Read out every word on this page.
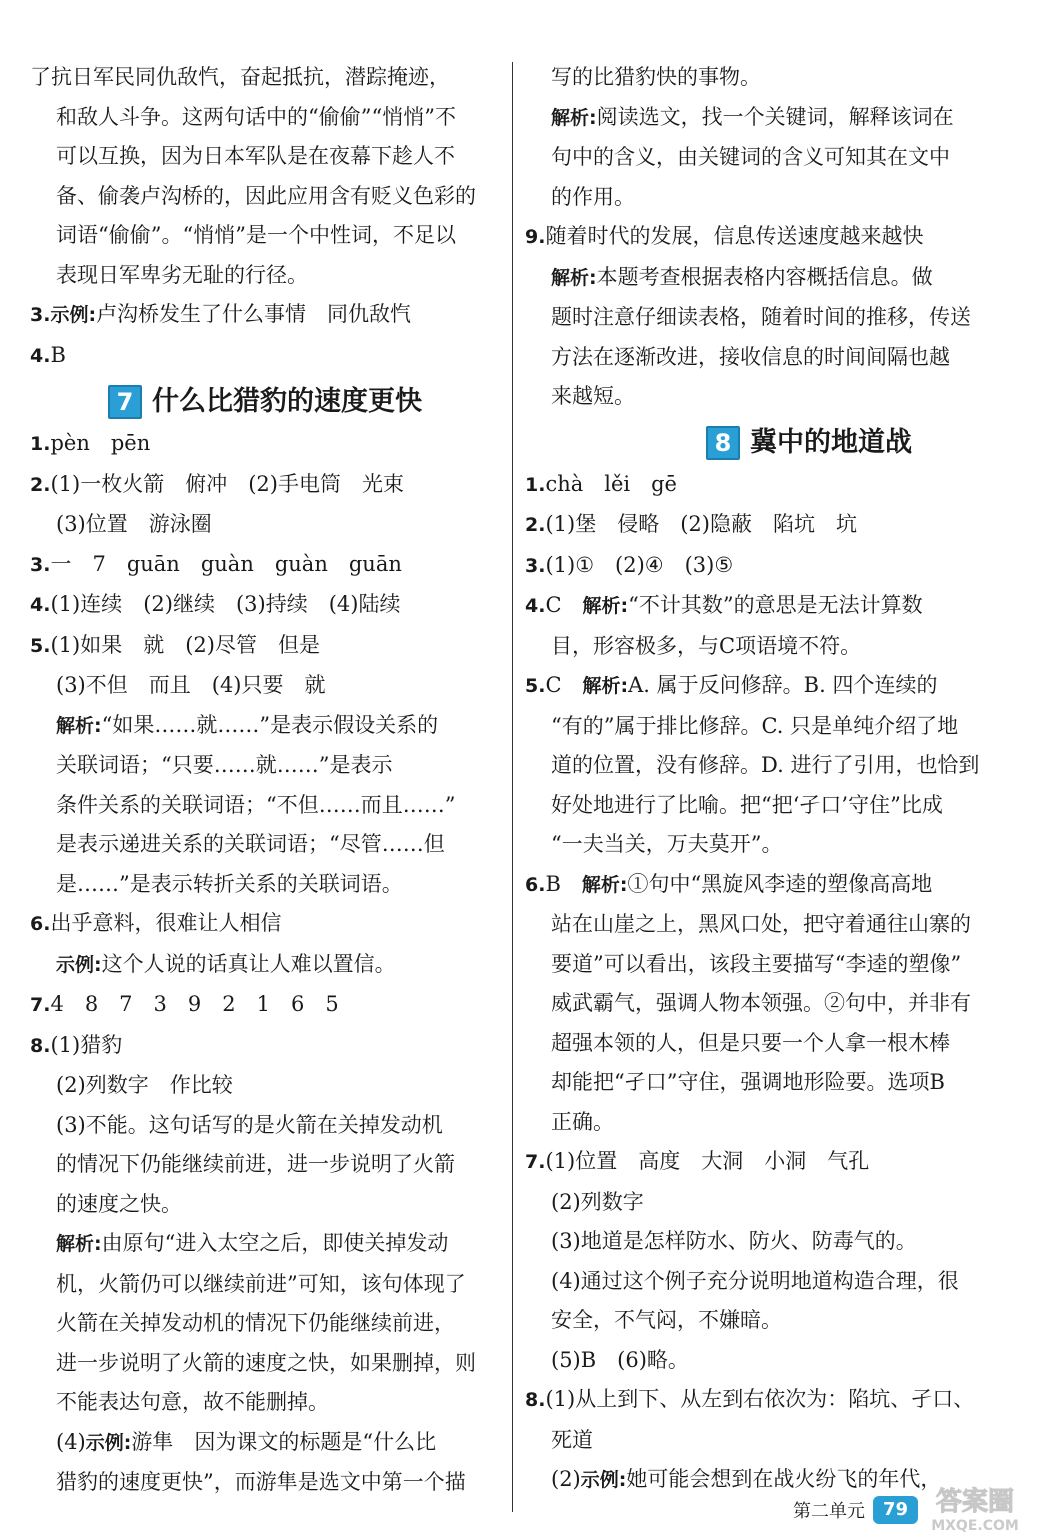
了抗日军民同仇敌忾，奋起抵抗，潜踪掩迹，
和敌人斗争。这两句话中的“偷偷”“悄悄”不
可以互换，因为日本军队是在夜幕下趁人不
备、偷袭卢沟桥的，因此应用含有贬义色彩的
词语“偷偷”。“悄悄”是一个中性词，不足以
表现日军卑劣无耻的行径。
3.示例:卢沟桥发生了什么事情　同仇敌忾
4.B
7 什么比猎豹的速度更快
1.pèn　pēn
2.(1)一枚火箭　俯冲　(2)手电筒　光束
(3)位置　游泳圈
3.一　7　guān　guàn　guàn　guān
4.(1)连续　(2)继续　(3)持续　(4)陆续
5.(1)如果　就　(2)尽管　但是
(3)不但　而且　(4)只要　就
解析:“如果……就……”是表示假设关系的
关联词语；“只要……就……”是表示
条件关系的关联词语；“不但……而且……”
是表示递进关系的关联词语；“尽管……但
是……”是表示转折关系的关联词语。
6.出乎意料，很难让人相信
示例:这个人说的话真让人难以置信。
7.4　8　7　3　9　2　1　6　5
8.(1)猎豹
(2)列数字　作比较
(3)不能。这句话写的是火箭在关掉发动机
的情况下仍能继续前进，进一步说明了火箭
的速度之快。
解析:由原句“进入太空之后，即使关掉发动
机，火箭仍可以继续前进”可知，该句体现了
火箭在关掉发动机的情况下仍能继续前进，
进一步说明了火箭的速度之快，如果删掉，则
不能表达句意，故不能删掉。
(4)示例:游隼　因为课文的标题是“什么比
猎豹的速度更快”，而游隼是选文中第一个描
写的比猎豹快的事物。
解析:阅读选文，找一个关键词，解释该词在
句中的含义，由关键词的含义可知其在文中
的作用。
9.随着时代的发展，信息传送速度越来越快
解析:本题考查根据表格内容概括信息。做
题时注意仔细读表格，随着时间的推移，传送
方法在逐渐改进，接收信息的时间间隔也越
来越短。
8 冀中的地道战
1.chà　lěi　gē
2.(1)堡　侵略　(2)隐蔽　陷坑　坑
3.(1)①　(2)④　(3)⑤
4.C　解析:“不计其数”的意思是无法计算数
目，形容极多，与C项语境不符。
5.C　解析:A. 属于反问修辞。B. 四个连续的
“有的”属于排比修辞。C. 只是单纯介绍了地
道的位置，没有修辞。D. 进行了引用，也恰到
好处地进行了比喻。把“把‘孑口’守住”比成
“一夫当关，万夫莫开”。
6.B　解析:①句中“黑旋风李逵的塑像高高地
站在山崖之上，黑风口处，把守着通往山寨的
要道”可以看出，该段主要描写“李逵的塑像”
威武霸气，强调人物本领强。②句中，并非有
超强本领的人，但是只要一个人拿一根木棒
却能把“孑口”守住，强调地形险要。选项B
正确。
7.(1)位置　高度　大洞　小洞　气孔
(2)列数字
(3)地道是怎样防水、防火、防毒气的。
(4)通过这个例子充分说明地道构造合理，很
安全，不气闷，不嫌暗。
(5)B　(6)略。
8.(1)从上到下、从左到右依次为：陷坑、孑口、
死道
(2)示例:她可能会想到在战火纷飞的年代，
第二单元	79	答案圈
MXQE.COM
